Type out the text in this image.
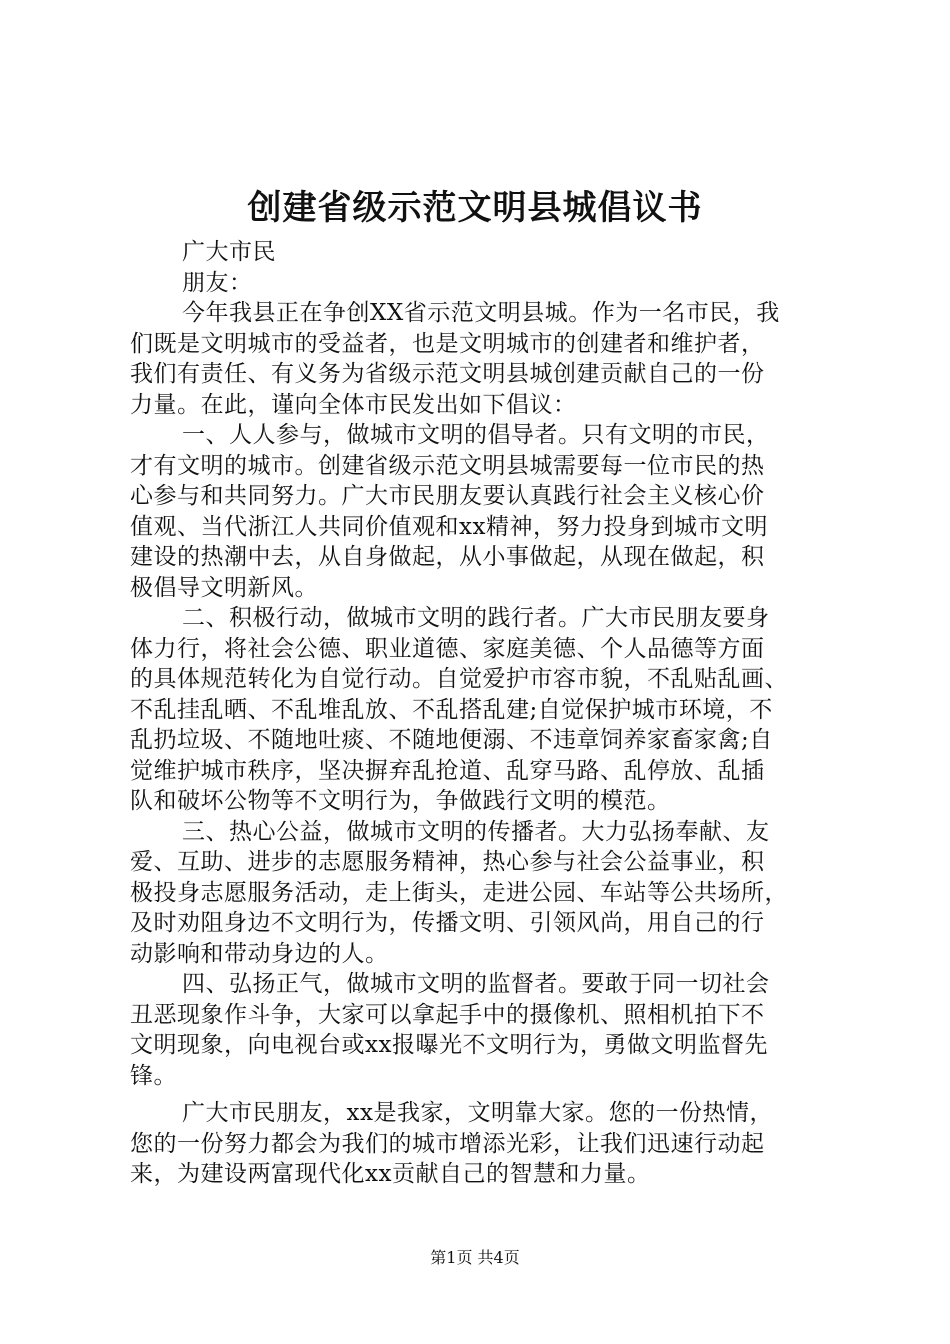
创建省级示范文明县城倡议书
广大市民
朋友：
今年我县正在争创XX省示范文明县城。作为一名市民，我
们既是文明城市的受益者，也是文明城市的创建者和维护者，
我们有责任、有义务为省级示范文明县城创建贡献自己的一份
力量。在此，谨向全体市民发出如下倡议：
一、人人参与，做城市文明的倡导者。只有文明的市民，
才有文明的城市。创建省级示范文明县城需要每一位市民的热
心参与和共同努力。广大市民朋友要认真践行社会主义核心价
值观、当代浙江人共同价值观和xx精神，努力投身到城市文明
建设的热潮中去，从自身做起，从小事做起，从现在做起，积
极倡导文明新风。
二、积极行动，做城市文明的践行者。广大市民朋友要身
体力行，将社会公德、职业道德、家庭美德、个人品德等方面
的具体规范转化为自觉行动。自觉爱护市容市貌，不乱贴乱画、
不乱挂乱晒、不乱堆乱放、不乱搭乱建;自觉保护城市环境，不
乱扔垃圾、不随地吐痰、不随地便溺、不违章饲养家畜家禽;自
觉维护城市秩序，坚决摒弃乱抢道、乱穿马路、乱停放、乱插
队和破坏公物等不文明行为，争做践行文明的模范。
三、热心公益，做城市文明的传播者。大力弘扬奉献、友
爱、互助、进步的志愿服务精神，热心参与社会公益事业，积
极投身志愿服务活动，走上街头，走进公园、车站等公共场所，
及时劝阻身边不文明行为，传播文明、引领风尚，用自己的行
动影响和带动身边的人。
四、弘扬正气，做城市文明的监督者。要敢于同一切社会
丑恶现象作斗争，大家可以拿起手中的摄像机、照相机拍下不
文明现象，向电视台或xx报曝光不文明行为，勇做文明监督先
锋。
广大市民朋友，xx是我家，文明靠大家。您的一份热情，
您的一份努力都会为我们的城市增添光彩，让我们迅速行动起
来，为建设两富现代化xx贡献自己的智慧和力量。
第1页 共4页
